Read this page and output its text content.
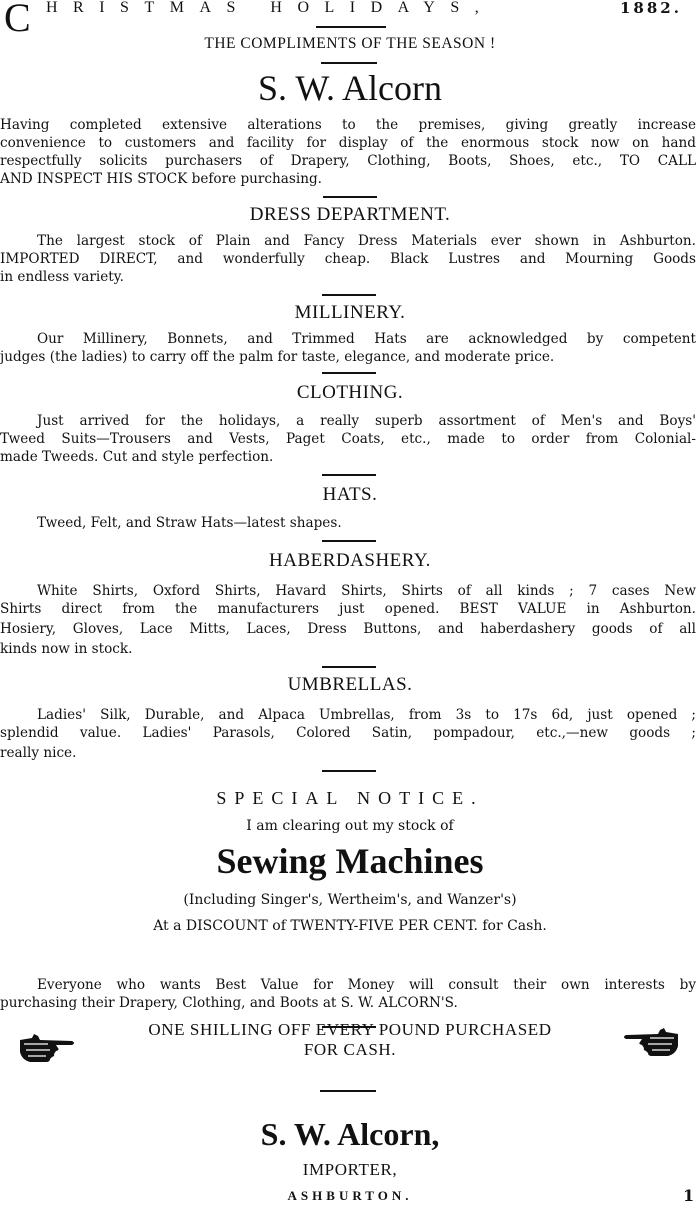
C HRISTMAS HOLIDAYS,	1882.
THE COMPLIMENTS OF THE SEASON !
S. W. Alcorn
Having completed extensive alterations to the premises, giving greatly increase
convenience to customers and facility for display of the enormous stock now on hand
respectfully solicits purchasers of Drapery, Clothing, Boots, Shoes, etc., TO CALL
AND INSPECT HIS STOCK before purchasing.
DRESS DEPARTMENT.
The largest stock of Plain and Fancy Dress Materials ever shown in Ashburton.
IMPORTED DIRECT, and wonderfully cheap. Black Lustres and Mourning Goods
in endless variety.
MILLINERY.
Our Millinery, Bonnets, and Trimmed Hats are acknowledged by competent
judges (the ladies) to carry off the palm for taste, elegance, and moderate price.
CLOTHING.
Just arrived for the holidays, a really superb assortment of Men's and Boys'
Tweed Suits—Trousers and Vests, Paget Coats, etc., made to order from Colonial-
made Tweeds. Cut and style perfection.
HATS.
Tweed, Felt, and Straw Hats—latest shapes.
HABERDASHERY.
White Shirts, Oxford Shirts, Havard Shirts, Shirts of all kinds ; 7 cases New
Shirts direct from the manufacturers just opened. BEST VALUE in Ashburton.
Hosiery, Gloves, Lace Mitts, Laces, Dress Buttons, and haberdashery goods of all
kinds now in stock.
UMBRELLAS.
Ladies' Silk, Durable, and Alpaca Umbrellas, from 3s to 17s 6d, just opened ;
splendid value. Ladies' Parasols, Colored Satin, pompadour, etc.,—new goods ;
really nice.
SPECIAL NOTICE.
I am clearing out my stock of
Sewing Machines
(Including Singer's, Wertheim's, and Wanzer's)
At a DISCOUNT of TWENTY-FIVE PER CENT. for Cash.
Everyone who wants Best Value for Money will consult their own interests by
purchasing their Drapery, Clothing, and Boots at S. W. ALCORN'S.
ONE SHILLING OFF EVERY POUND PURCHASED
FOR CASH.
S. W. Alcorn,
IMPORTER,
ASHBURTON.	1
